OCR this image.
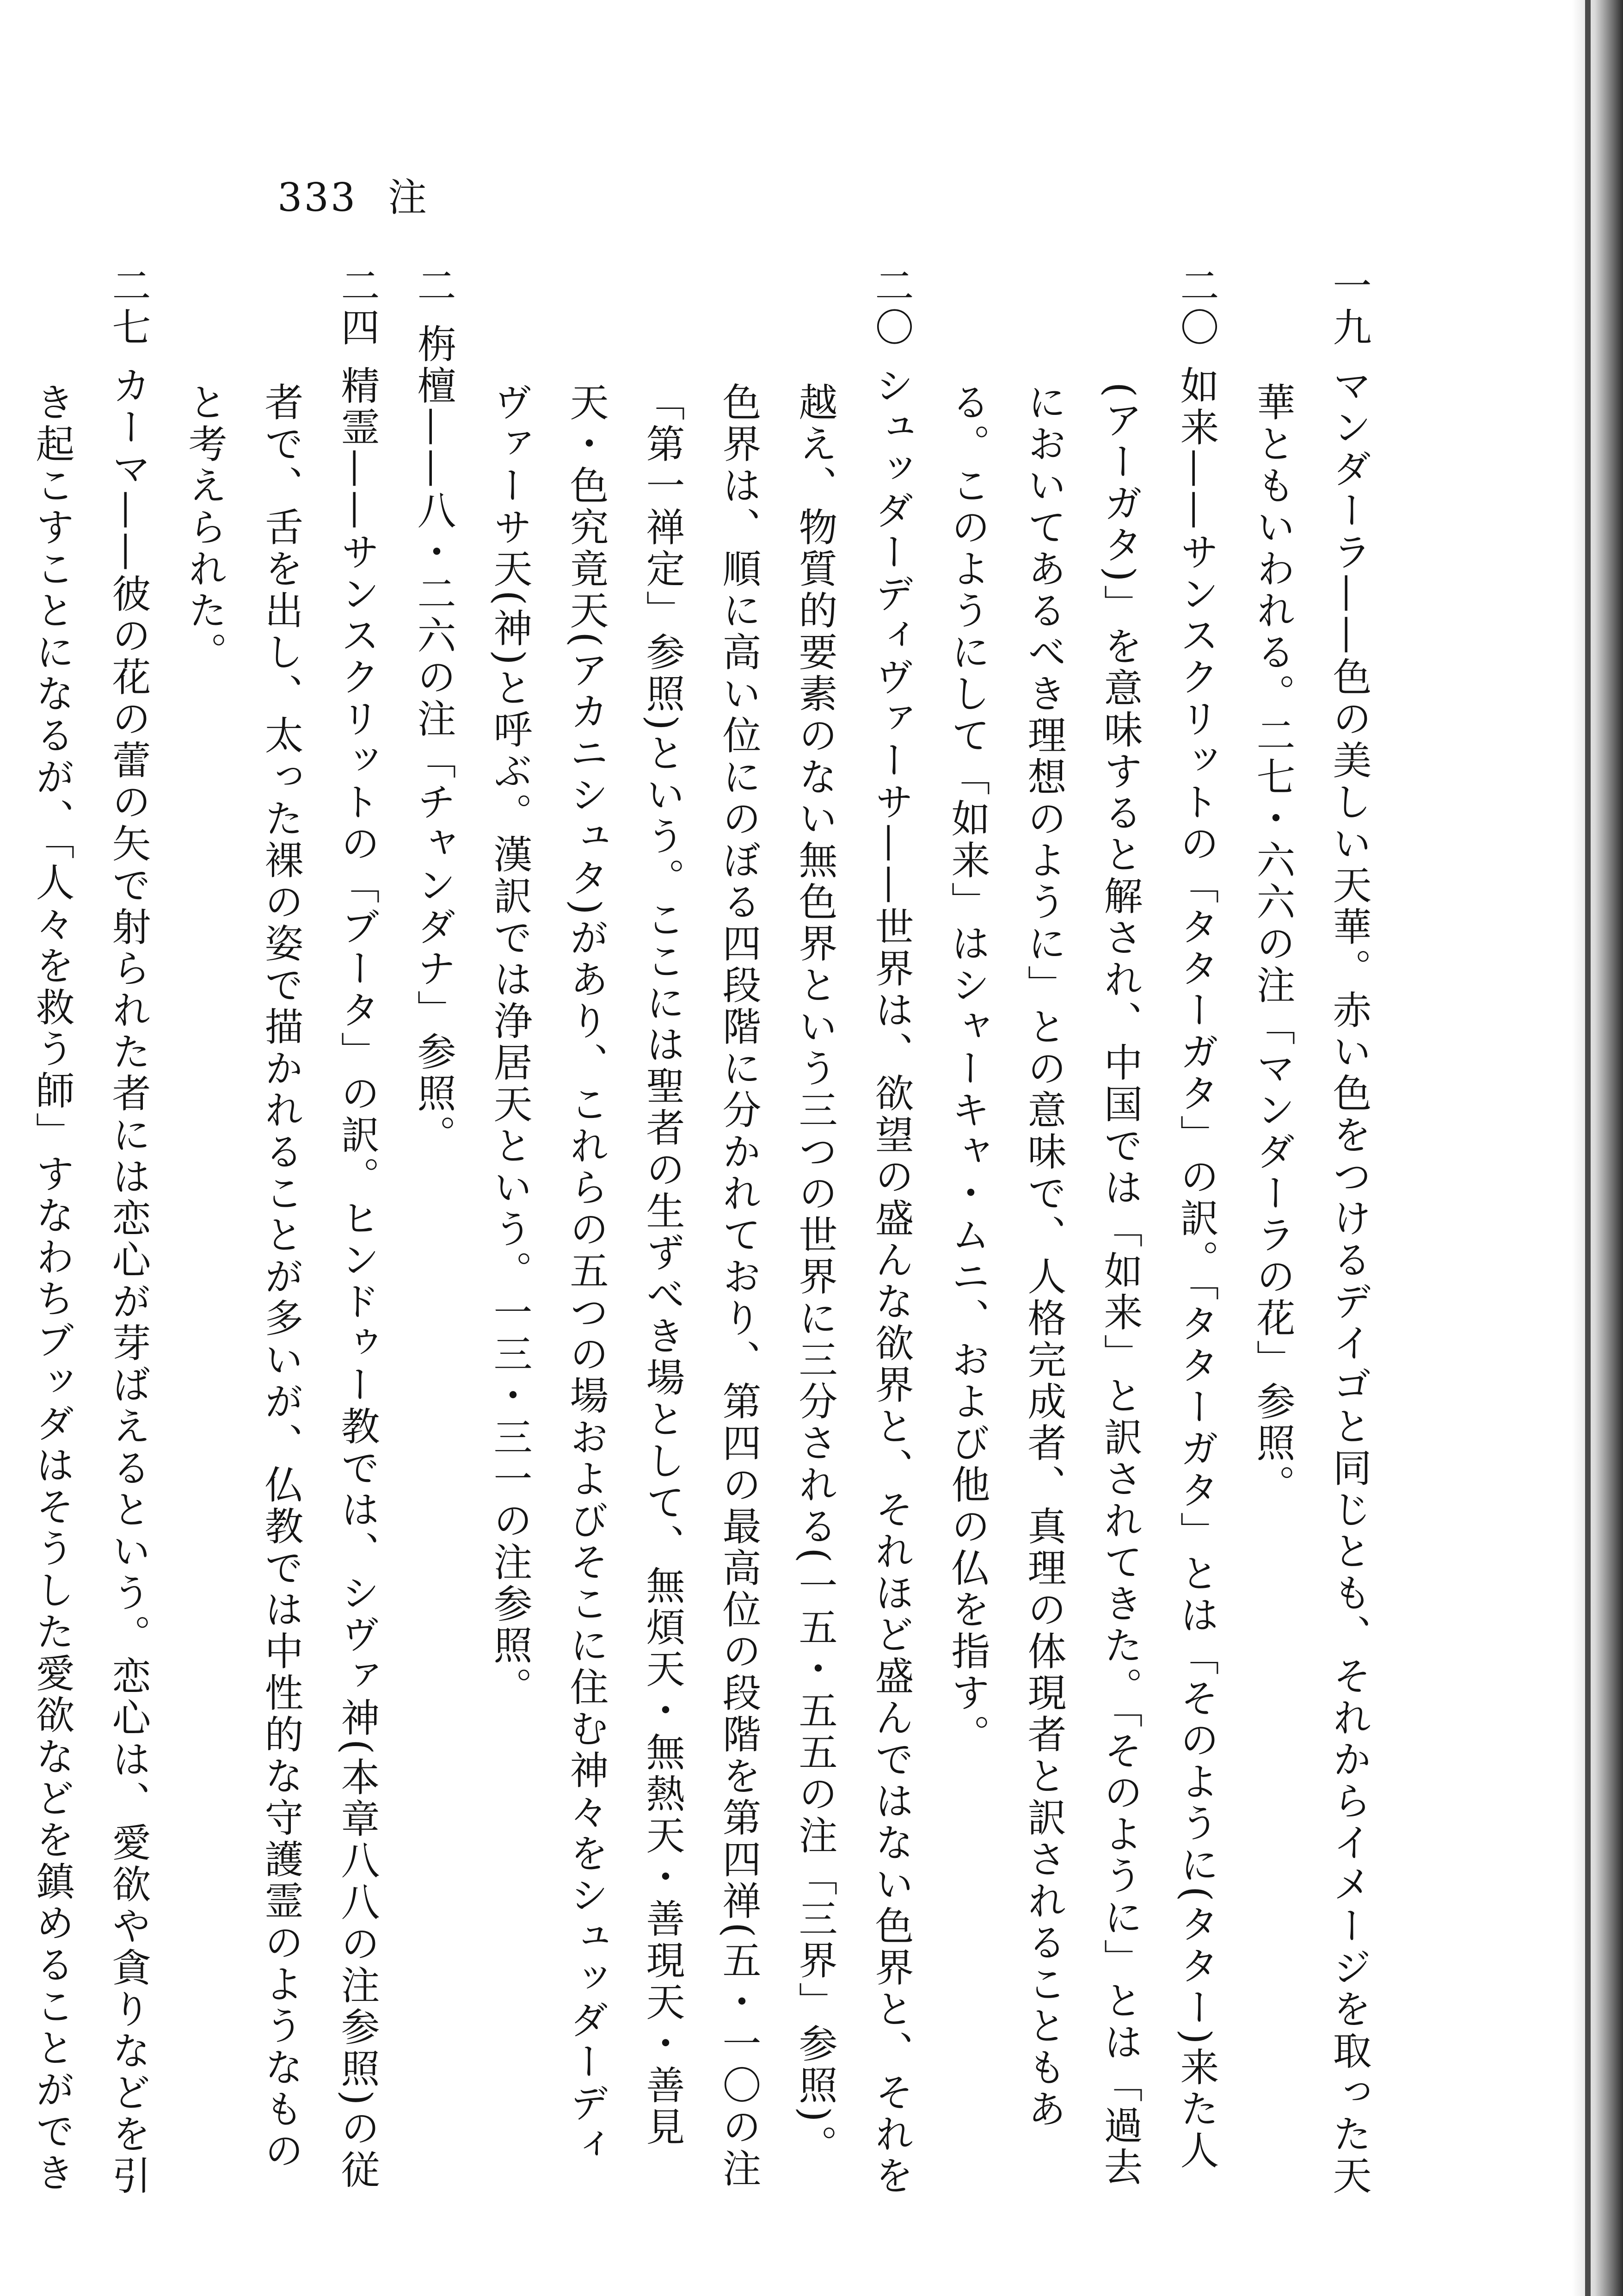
333 注

一九マンダーラ——色の美しい天華。赤い色をつけるデイゴと同じとも、それからイメージを取った天華ともいわれる。二七・六六の注「マンダーラの花」参照。

二〇如来——サンスクリットの「タターガタ」の訳。「タターガタ」とは「そのように(タター)来た人(アーガタ)」を意味すると解され、中国では「如来」と訳されてきた。「そのように」とは「過去においてあるべき理想のように」との意味で、人格完成者、真理の体現者と訳されることもある。このようにして「如来」はシャーキャ・ムニ、および他の仏を指す。

二〇シュッダーディヴァーサ——世界は、欲望の盛んな欲界と、それほど盛んではない色界と、それを越え、物質的要素のない無色界という三つの世界に三分される(一五・五五の注「三界」参照)。色界は、順に高い位にのぼる四段階に分かれており、第四の最高位の段階を第四禅(五・一〇の注「第一禅定」参照)という。ここには聖者の生ずべき場として、無煩天・無熱天・善現天・善見天・色究竟天(アカニシュタ)があり、これらの五つの場およびそこに住む神々をシュッダーディヴァーサ天(神)と呼ぶ。漢訳では浄居天という。一三・三一の注参照。

二栴檀——八・二六の注「チャンダナ」参照。

二四精霊——サンスクリットの「ブータ」の訳。ヒンドゥー教では、シヴァ神(本章八八の注参照)の従者で、舌を出し、太った裸の姿で描かれることが多いが、仏教では中性的な守護霊のようなものと考えられた。

二七カーマ——彼の花の蕾の矢で射られた者には恋心が芽ばえるという。恋心は、愛欲や貪りなどを引き起こすことになるが、「人々を救う師」すなわちブッダはそうした愛欲などを鎮めることができ
